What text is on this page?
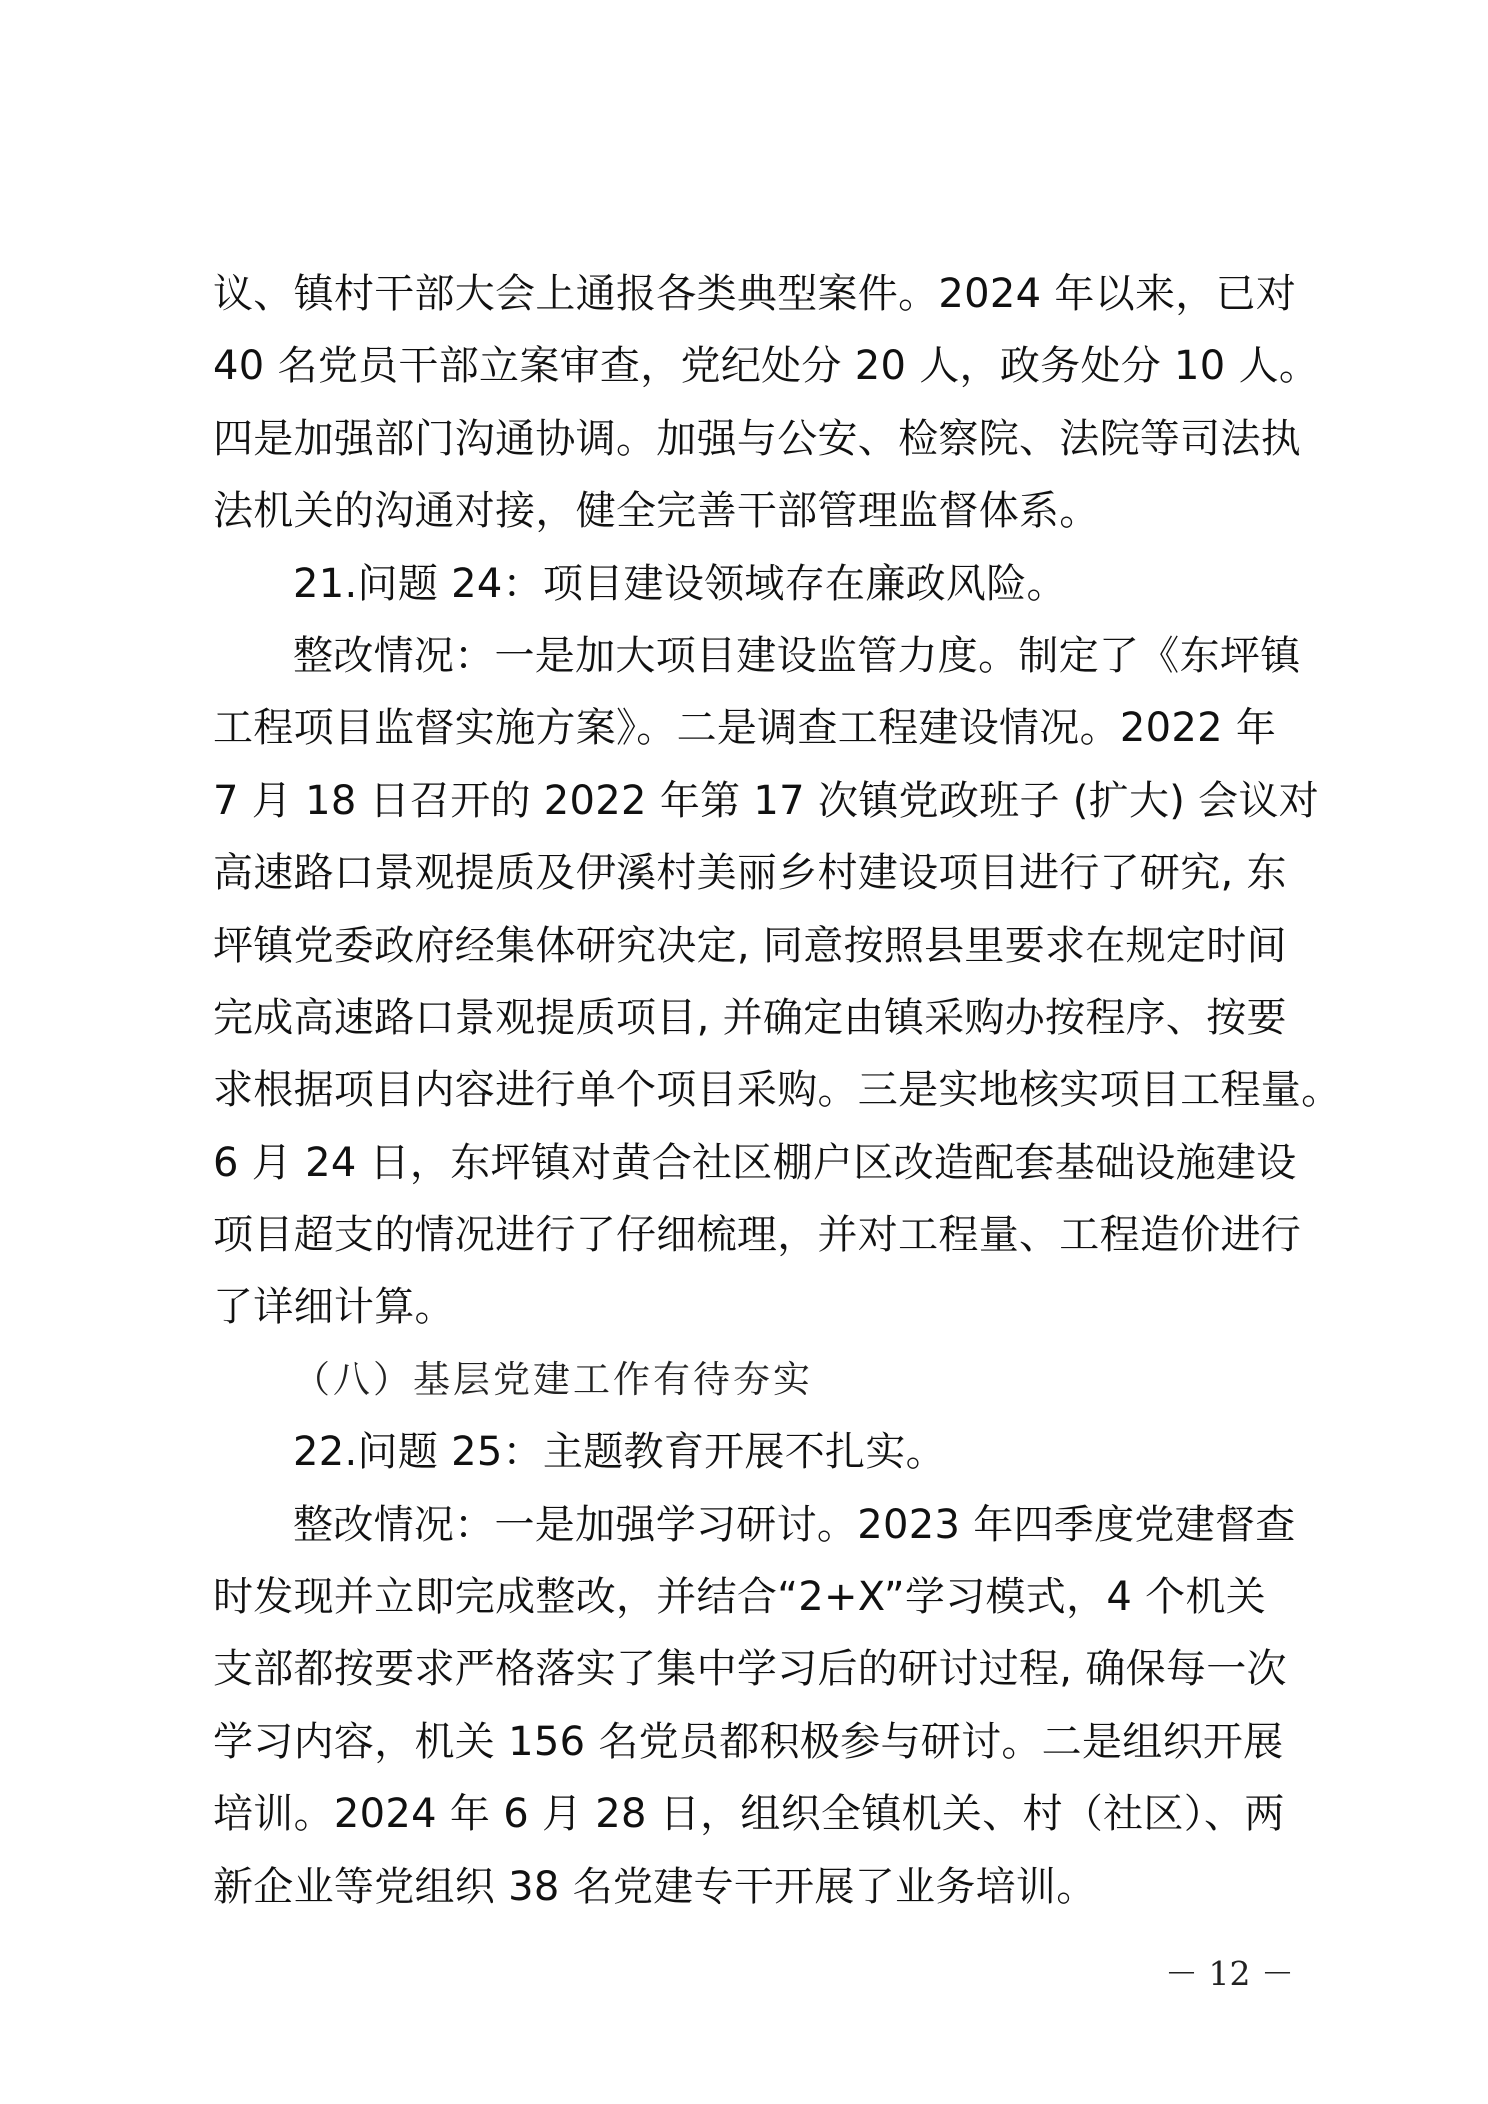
议、镇村干部大会上通报各类典型案件。2024 年以来，已对
40 名党员干部立案审查，党纪处分 20 人，政务处分 10 人。
四是加强部门沟通协调。加强与公安、检察院、法院等司法执
法机关的沟通对接，健全完善干部管理监督体系。
21.问题 24：项目建设领域存在廉政风险。
整改情况：一是加大项目建设监管力度。制定了《东坪镇
工程项目监督实施方案》。二是调查工程建设情况。2022 年
7 月 18 日召开的 2022 年第 17 次镇党政班子 (扩大) 会议对
高速路口景观提质及伊溪村美丽乡村建设项目进行了研究, 东
坪镇党委政府经集体研究决定, 同意按照县里要求在规定时间
完成高速路口景观提质项目, 并确定由镇采购办按程序、按要
求根据项目内容进行单个项目采购。三是实地核实项目工程量。
6 月 24 日，东坪镇对黄合社区棚户区改造配套基础设施建设
项目超支的情况进行了仔细梳理，并对工程量、工程造价进行
了详细计算。
（八）基层党建工作有待夯实
22.问题 25：主题教育开展不扎实。
整改情况：一是加强学习研讨。2023 年四季度党建督查
时发现并立即完成整改，并结合“2+X”学习模式，4 个机关
支部都按要求严格落实了集中学习后的研讨过程, 确保每一次
学习内容，机关 156 名党员都积极参与研讨。二是组织开展
培训。2024 年 6 月 28 日，组织全镇机关、村（社区）、两
新企业等党组织 38 名党建专干开展了业务培训。
－ 12 －
